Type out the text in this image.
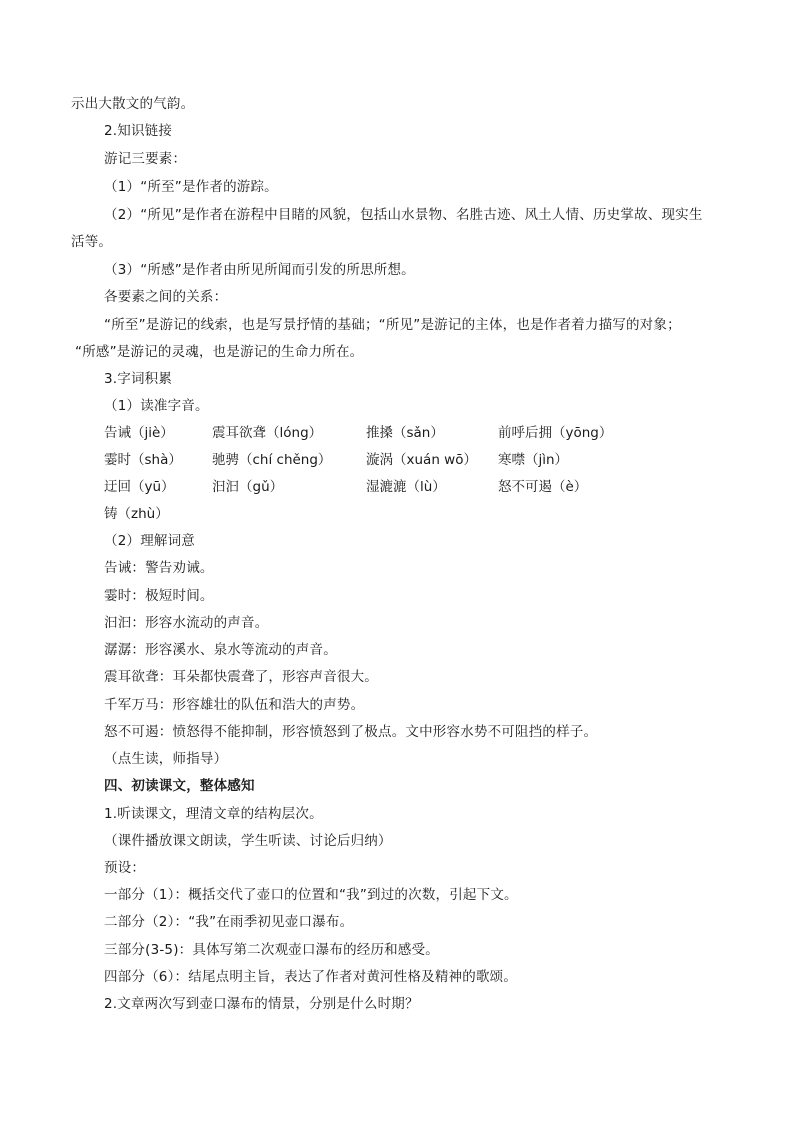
示出大散文的气韵。
2.知识链接
游记三要素：
（1）“所至”是作者的游踪。
（2）“所见”是作者在游程中目睹的风貌，包括山水景物、名胜古迹、风土人情、历史掌故、现实生
活等。
（3）“所感”是作者由所见所闻而引发的所思所想。
各要素之间的关系：
“所至”是游记的线索，也是写景抒情的基础；“所见”是游记的主体，也是作者着力描写的对象；
“所感”是游记的灵魂，也是游记的生命力所在。
3.字词积累
（1）读准字音。
告诫（jiè）	震耳欲聋（lóng）	推搡（sǎn）	前呼后拥（yōng）
霎时（shà） 驰骋（chí chěng）	漩涡（xuán wō） 寒噤（jìn）
迂回（yū）	汩汩（gǔ）	湿漉漉（lù）	怒不可遏（è）
铸（zhù）
（2）理解词意
告诫：警告劝诫。
霎时：极短时间。
汩汩：形容水流动的声音。
潺潺：形容溪水、泉水等流动的声音。
震耳欲聋：耳朵都快震聋了，形容声音很大。
千军万马：形容雄壮的队伍和浩大的声势。
怒不可遏：愤怒得不能抑制，形容愤怒到了极点。文中形容水势不可阻挡的样子。
（点生读，师指导）
四、初读课文，整体感知
1.听读课文，理清文章的结构层次。
（课件播放课文朗读，学生听读、讨论后归纳）
预设：
一部分（1）：概括交代了壶口的位置和“我”到过的次数，引起下文。
二部分（2）：“我”在雨季初见壶口瀑布。
三部分(3-5)：具体写第二次观壶口瀑布的经历和感受。
四部分（6）：结尾点明主旨，表达了作者对黄河性格及精神的歌颂。
2.文章两次写到壶口瀑布的情景，分别是什么时期？
